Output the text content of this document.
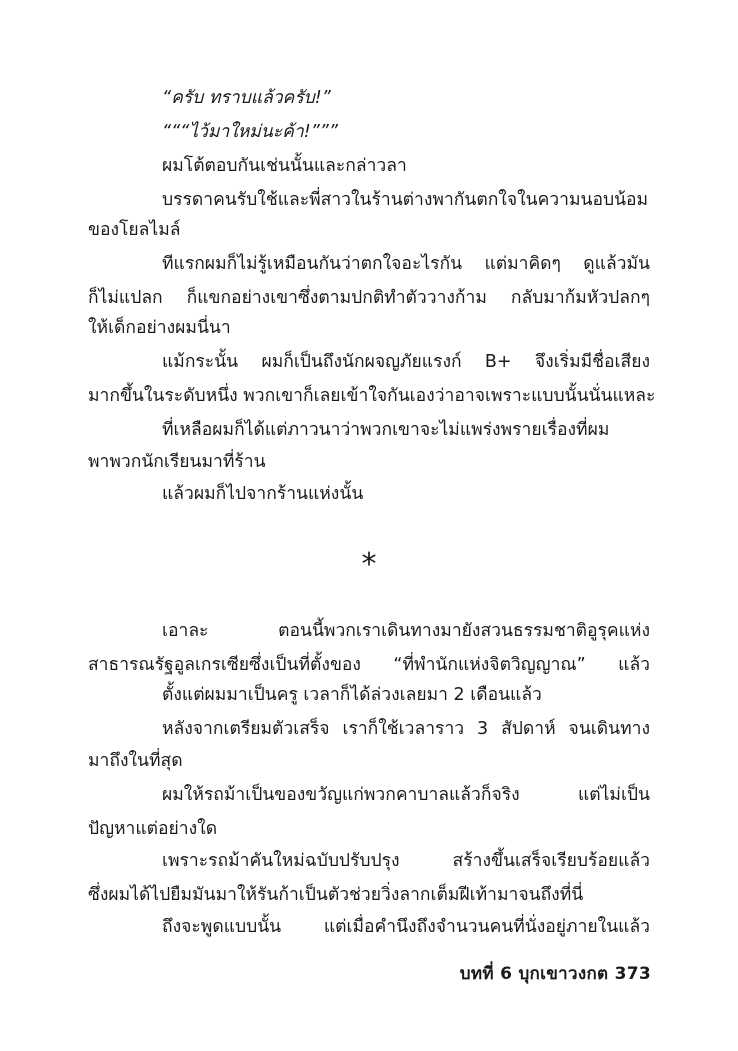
“ครับ ทราบแล้วครับ!”
“““ไว้มาใหม่นะค้า!”””
ผมโต้ตอบกันเช่นนั้นและกล่าวลา
บรรดาคนรับใช้และพี่สาวในร้านต่างพากันตกใจในความนอบน้อม
ของโยลไมล์
ทีแรกผมก็ไม่รู้เหมือนกันว่าตกใจอะไรกัน แต่มาคิดๆ ดูแล้วมัน
ก็ไม่แปลก ก็แขกอย่างเขาซึ่งตามปกติทำตัววางก้าม กลับมาก้มหัวปลกๆ
ให้เด็กอย่างผมนี่นา
แม้กระนั้น ผมก็เป็นถึงนักผจญภัยแรงก์ B+ จึงเริ่มมีชื่อเสียง
มากขึ้นในระดับหนึ่ง พวกเขาก็เลยเข้าใจกันเองว่าอาจเพราะแบบนั้นนั่นแหละ
ที่เหลือผมก็ได้แต่ภาวนาว่าพวกเขาจะไม่แพร่งพรายเรื่องที่ผม
พาพวกนักเรียนมาที่ร้าน
แล้วผมก็ไปจากร้านแห่งนั้น
*
เอาละ ตอนนี้พวกเราเดินทางมายังสวนธรรมชาติอูรุคแห่ง
สาธารณรัฐอูลเกรเซียซึ่งเป็นที่ตั้งของ “ที่พำนักแห่งจิตวิญญาณ” แล้ว
ตั้งแต่ผมมาเป็นครู เวลาก็ได้ล่วงเลยมา 2 เดือนแล้ว
หลังจากเตรียมตัวเสร็จ เราก็ใช้เวลาราว 3 สัปดาห์ จนเดินทาง
มาถึงในที่สุด
ผมให้รถม้าเป็นของขวัญแก่พวกคาบาลแล้วก็จริง แต่ไม่เป็น
ปัญหาแต่อย่างใด
เพราะรถม้าคันใหม่ฉบับปรับปรุง สร้างขึ้นเสร็จเรียบร้อยแล้ว
ซึ่งผมได้ไปยืมมันมาให้รันก้าเป็นตัวช่วยวิ่งลากเต็มฝีเท้ามาจนถึงที่นี่
ถึงจะพูดแบบนั้น แต่เมื่อคำนึงถึงจำนวนคนที่นั่งอยู่ภายในแล้ว
บทที่ 6 บุกเขาวงกต 373
